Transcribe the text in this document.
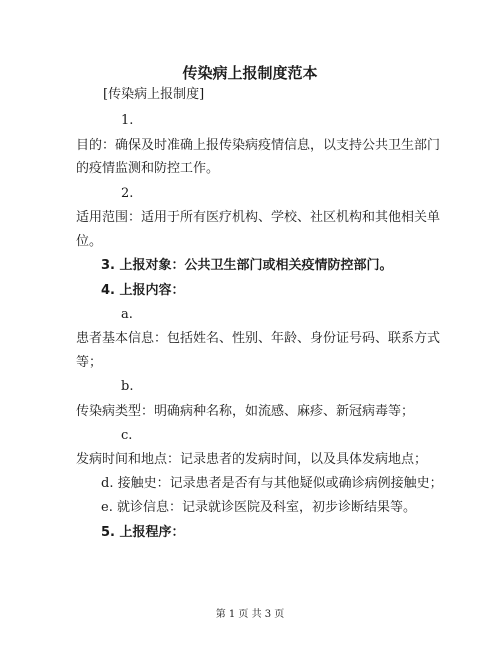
传染病上报制度范本
[传染病上报制度]
1.
目的：确保及时准确上报传染病疫情信息，以支持公共卫生部门
的疫情监测和防控工作。
2.
适用范围：适用于所有医疗机构、学校、社区机构和其他相关单
位。
3. 上报对象：公共卫生部门或相关疫情防控部门。
4. 上报内容：
a.
患者基本信息：包括姓名、性别、年龄、身份证号码、联系方式
等；
b.
传染病类型：明确病种名称，如流感、麻疹、新冠病毒等；
c.
发病时间和地点：记录患者的发病时间，以及具体发病地点；
d. 接触史：记录患者是否有与其他疑似或确诊病例接触史；
e. 就诊信息：记录就诊医院及科室，初步诊断结果等。
5. 上报程序：
第 1 页 共 3 页
